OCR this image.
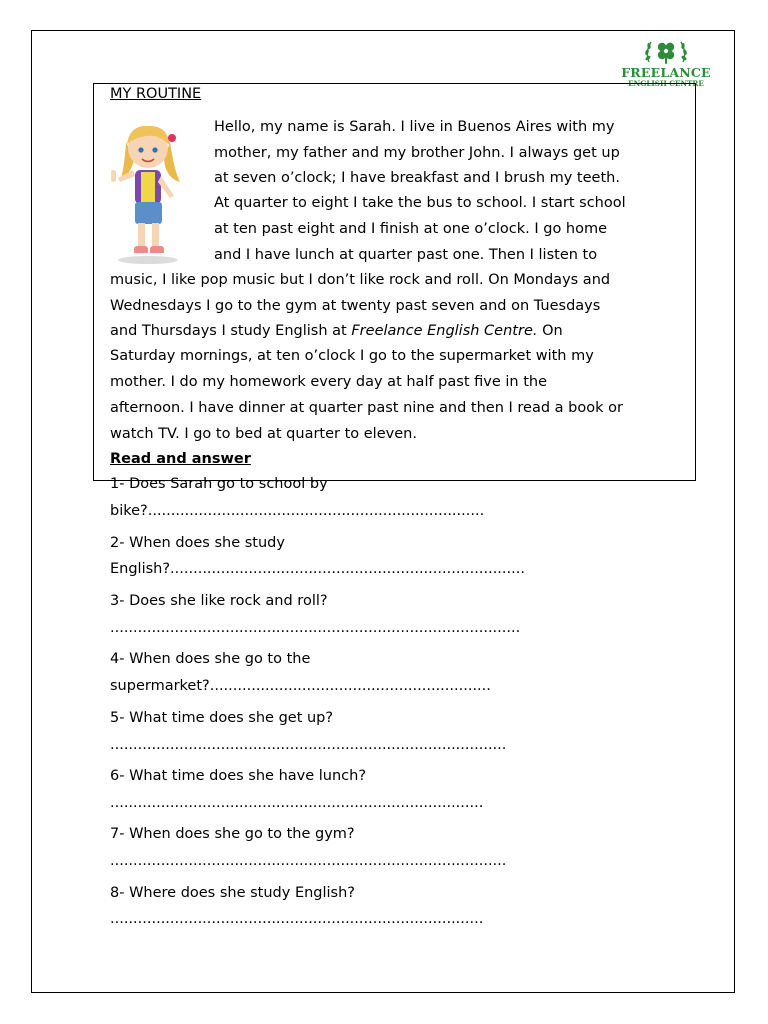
FREELANCE
ENGLISH CENTRE
MY ROUTINE
Hello, my name is Sarah. I live in Buenos Aires with my
mother, my father and my brother John. I always get up
at seven o’clock; I have breakfast and I brush my teeth.
At quarter to eight I take the bus to school. I start school
at ten past eight and I finish at one o’clock. I go home
and I have lunch at quarter past one. Then I listen to
music, I like pop music but I don’t like rock and roll. On Mondays and
Wednesdays I go to the gym at twenty past seven and on Tuesdays
and Thursdays I study English at Freelance English Centre. On
Saturday mornings, at ten o’clock I go to the supermarket with my
mother. I do my homework every day at half past five in the
afternoon. I have dinner at quarter past nine and then I read a book or
watch TV. I go to bed at quarter to eleven.
Read and answer
1- Does Sarah go to school by
bike?.........................................................................
2- When does she study
English?.............................................................................
3- Does she like rock and roll?
.........................................................................................
4- When does she go to the
supermarket?.............................................................
5- What time does she get up?
......................................................................................
6- What time does she have lunch?
.................................................................................
7- When does she go to the gym?
......................................................................................
8- Where does she study English?
.................................................................................
